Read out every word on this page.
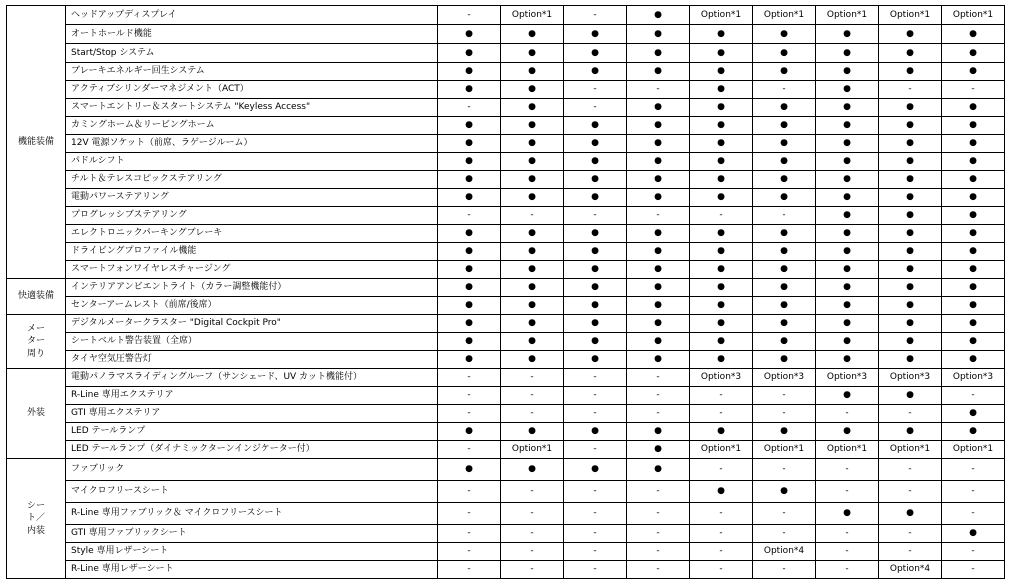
機能装備	ヘッドアップディスプレイ	-	Option*1	-	●	Option*1	Option*1	Option*1	Option*1	Option*1
	オートホールド機能	●	●	●	●	●	●	●	●	●
	Start/Stop システム	●	●	●	●	●	●	●	●	●
	ブレーキエネルギー回生システム	●	●	●	●	●	●	●	●	●
	アクティブシリンダーマネジメント（ACT）	●	●	-	-	●	-	●	-	-
	スマートエントリー＆スタートシステム "Keyless Access"	-	●	-	●	●	●	●	●	●
	カミングホーム＆リービングホーム	●	●	●	●	●	●	●	●	●
	12V 電源ソケット（前席、ラゲージルーム）	●	●	●	●	●	●	●	●	●
	パドルシフト	●	●	●	●	●	●	●	●	●
	チルト＆テレスコピックステアリング	●	●	●	●	●	●	●	●	●
	電動パワーステアリング	●	●	●	●	●	●	●	●	●
	プログレッシブステアリング	-	-	-	-	-	-	●	●	●
	エレクトロニックパーキングブレーキ	●	●	●	●	●	●	●	●	●
	ドライビングプロファイル機能	●	●	●	●	●	●	●	●	●
	スマートフォンワイヤレスチャージング	●	●	●	●	●	●	●	●	●
快適装備	インテリアアンビエントライト（カラー調整機能付）	●	●	●	●	●	●	●	●	●
	センターアームレスト（前席/後席）	●	●	●	●	●	●	●	●	●
メーター周り	デジタルメータークラスター "Digital Cockpit Pro"	●	●	●	●	●	●	●	●	●
	シートベルト警告装置（全席）	●	●	●	●	●	●	●	●	●
	タイヤ空気圧警告灯	●	●	●	●	●	●	●	●	●
外装	電動パノラマスライディングルーフ（サンシェード、UV カット機能付）	-	-	-	-	Option*3	Option*3	Option*3	Option*3	Option*3
	R-Line 専用エクステリア	-	-	-	-	-	-	●	●	-
	GTI 専用エクステリア	-	-	-	-	-	-	-	-	●
	LED テールランプ	●	●	●	●	●	●	●	●	●
	LED テールランプ（ダイナミックターンインジケーター付）	-	Option*1	-	●	Option*1	Option*1	Option*1	Option*1	Option*1
シート／内装	ファブリック	●	●	●	●	-	-	-	-	-
	マイクロフリースシート	-	-	-	-	●	●	-	-	-
	R-Line 専用ファブリック＆ マイクロフリースシート	-	-	-	-	-	-	●	●	-
	GTI 専用ファブリックシート	-	-	-	-	-	-	-	-	●
	Style 専用レザーシート	-	-	-	-	-	Option*4	-	-	-
	R-Line 専用レザーシート	-	-	-	-	-	-	-	Option*4	-
